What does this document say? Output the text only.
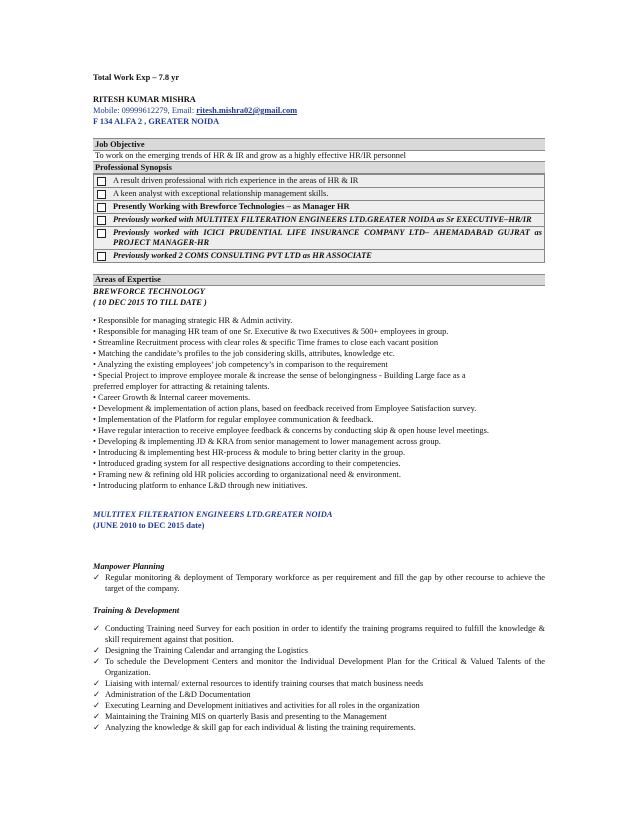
Total Work Exp – 7.8 yr
RITESH KUMAR MISHRA
Mobile: 09999612279, Email: ritesh.mishra02@gmail.com
F 134 ALFA 2 , GREATER NOIDA
Job Objective
To work on the emerging trends of HR & IR and grow as a highly effective HR/IR personnel
Professional Synopsis
A result driven professional with rich experience in the areas of HR & IR
A keen analyst with exceptional relationship management skills.
Presently Working with Brewforce Technologies – as Manager HR
Previously worked with MULTITEX FILTERATION ENGINEERS LTD.GREATER NOIDA as Sr EXECUTIVE–HR/IR
Previously worked with ICICI PRUDENTIAL LIFE INSURANCE COMPANY LTD– AHEMADABAD GUJRAT as PROJECT MANAGER-HR
Previously worked 2 COMS CONSULTING PVT LTD as HR ASSOCIATE
Areas of Expertise
BREWFORCE TECHNOLOGY
( 10 DEC 2015 TO TILL DATE )
• Responsible for managing strategic HR & Admin activity.
• Responsible for managing HR team of one Sr. Executive & two Executives & 500+ employees in group.
• Streamline Recruitment process with clear roles & specific Time frames to close each vacant position
• Matching the candidate’s profiles to the job considering skills, attributes, knowledge etc.
• Analyzing the existing employees’ job competency’s in comparison to the requirement
• Special Project to improve employee morale & increase the sense of belongingness - Building Large face as a
preferred employer for attracting & retaining talents.
• Career Growth & Internal career movements.
• Development & implementation of action plans, based on feedback received from Employee Satisfaction survey.
• Implementation of the Platform for regular employee communication & feedback.
• Have regular interaction to receive employee feedback & concerns by conducting skip & open house level meetings.
• Developing & implementing JD & KRA from senior management to lower management across group.
• Introducing & implementing best HR-process & module to bring better clarity in the group.
• Introduced grading system for all respective designations according to their competencies.
• Framing new & refining old HR policies according to organizational need & environment.
• Introducing platform to enhance L&D through new initiatives.
MULTITEX FILTERATION ENGINEERS LTD.GREATER NOIDA
(JUNE 2010 to DEC 2015 date)
Manpower Planning
✓ Regular monitoring & deployment of Temporary workforce as per requirement and fill the gap by other recourse to achieve the target of the company.
Training & Development
✓ Conducting Training need Survey for each position in order to identify the training programs required to fulfill the knowledge & skill requirement against that position.
✓ Designing the Training Calendar and arranging the Logistics
✓ To schedule the Development Centers and monitor the Individual Development Plan for the Critical & Valued Talents of the Organization.
✓ Liaising with internal/ external resources to identify training courses that match business needs
✓ Administration of the L&D Documentation
✓ Executing Learning and Development initiatives and activities for all roles in the organization
✓ Maintaining the Training MIS on quarterly Basis and presenting to the Management
✓ Analyzing the knowledge & skill gap for each individual & listing the training requirements.
